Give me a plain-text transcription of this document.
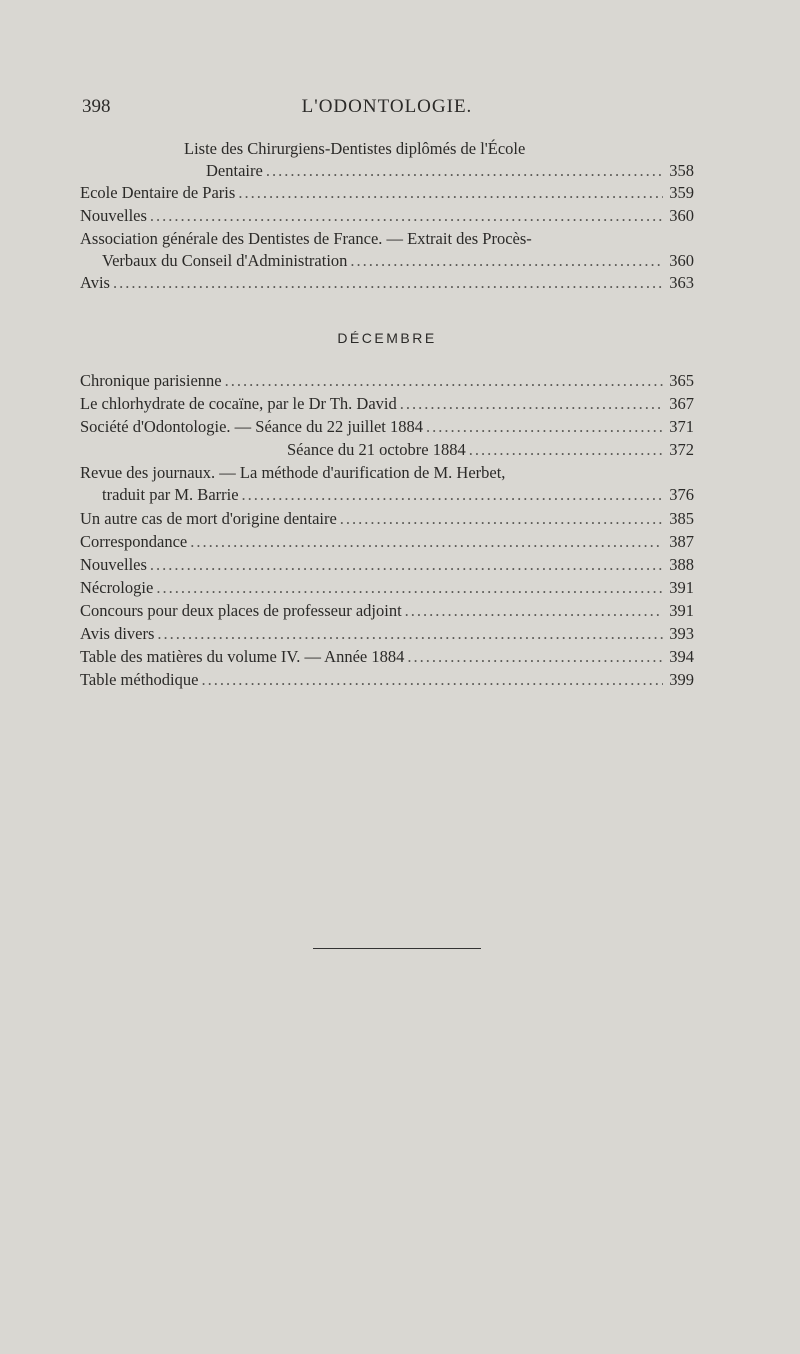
398	L'ODONTOLOGIE.
Liste des Chirurgiens-Dentistes diplômés de l'École
Dentaire .....	358
Ecole Dentaire de Paris .....	359
Nouvelles .....	360
Association générale des Dentistes de France. — Extrait des Procès-
Verbaux du Conseil d'Administration .....	360
Avis .....	363
DÉCEMBRE
Chronique parisienne .....	365
Le chlorhydrate de cocaïne, par le Dr Th. David .....	367
Société d'Odontologie. — Séance du 22 juillet 1884 .....	371
Séance du 21 octobre 1884 .....	372
Revue des journaux. — La méthode d'aurification de M. Herbet,
traduit par M. Barrie .....	376
Un autre cas de mort d'origine dentaire .....	385
Correspondance .....	387
Nouvelles .....	388
Nécrologie .....	391
Concours pour deux places de professeur adjoint .....	391
Avis divers .....	393
Table des matières du volume IV. — Année 1884 .....	394
Table méthodique .....	399
